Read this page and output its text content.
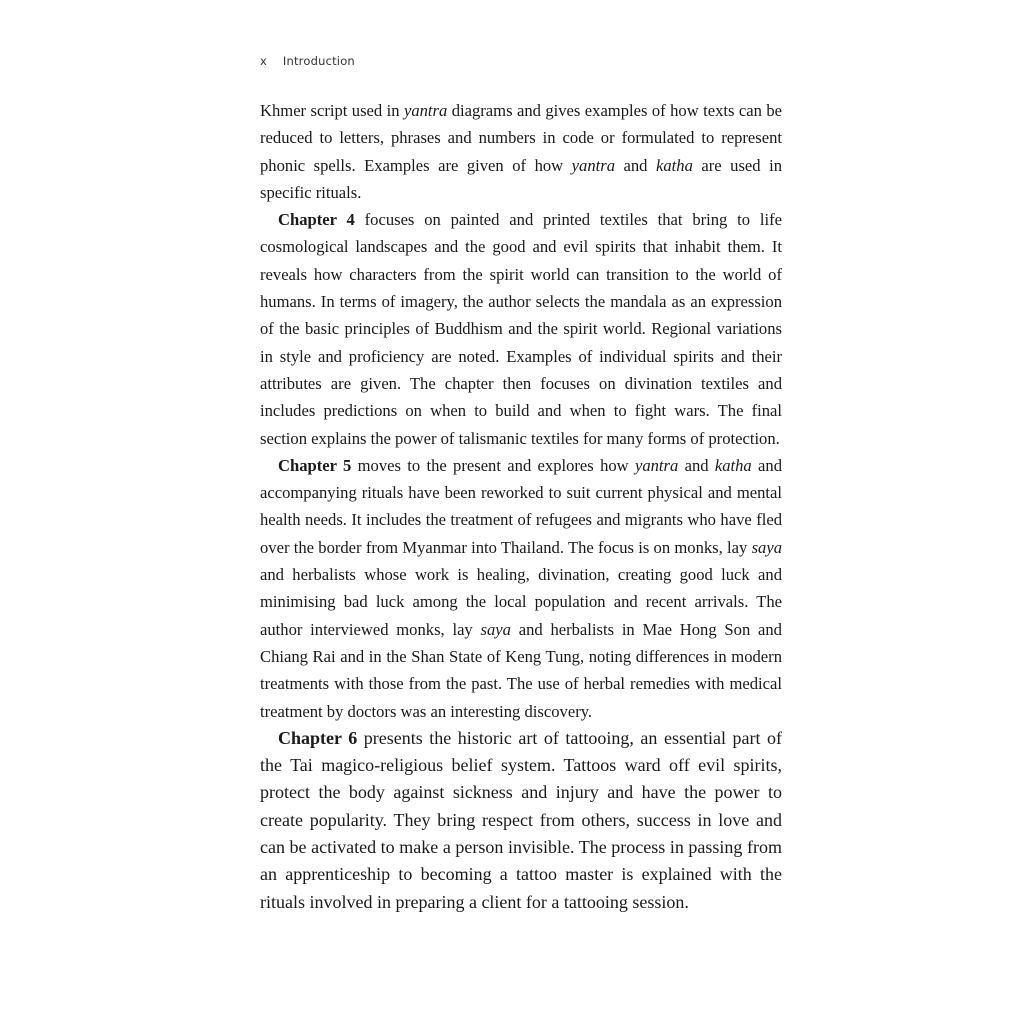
x Introduction

Khmer script used in yantra diagrams and gives examples of how texts can be reduced to letters, phrases and numbers in code or formulated to represent phonic spells. Examples are given of how yantra and katha are used in specific rituals.

Chapter 4 focuses on painted and printed textiles that bring to life cosmological landscapes and the good and evil spirits that inhabit them. It reveals how characters from the spirit world can transition to the world of humans. In terms of imagery, the author selects the mandala as an expression of the basic principles of Buddhism and the spirit world. Regional variations in style and proficiency are noted. Examples of individual spirits and their attributes are given. The chapter then focuses on divination textiles and includes predictions on when to build and when to fight wars. The final section explains the power of talismanic textiles for many forms of protection.

Chapter 5 moves to the present and explores how yantra and katha and accompanying rituals have been reworked to suit current physical and mental health needs. It includes the treatment of refugees and migrants who have fled over the border from Myanmar into Thailand. The focus is on monks, lay saya and herbalists whose work is healing, divination, creating good luck and minimising bad luck among the local population and recent arrivals. The author interviewed monks, lay saya and herbalists in Mae Hong Son and Chiang Rai and in the Shan State of Keng Tung, noting differences in modern treatments with those from the past. The use of herbal remedies with medical treatment by doctors was an interesting discovery.

Chapter 6 presents the historic art of tattooing, an essential part of the Tai magico-religious belief system. Tattoos ward off evil spirits, protect the body against sickness and injury and have the power to create popularity. They bring respect from others, success in love and can be activated to make a person invisible. The process in passing from an apprenticeship to becoming a tattoo master is explained with the rituals involved in preparing a client for a tattooing session.
